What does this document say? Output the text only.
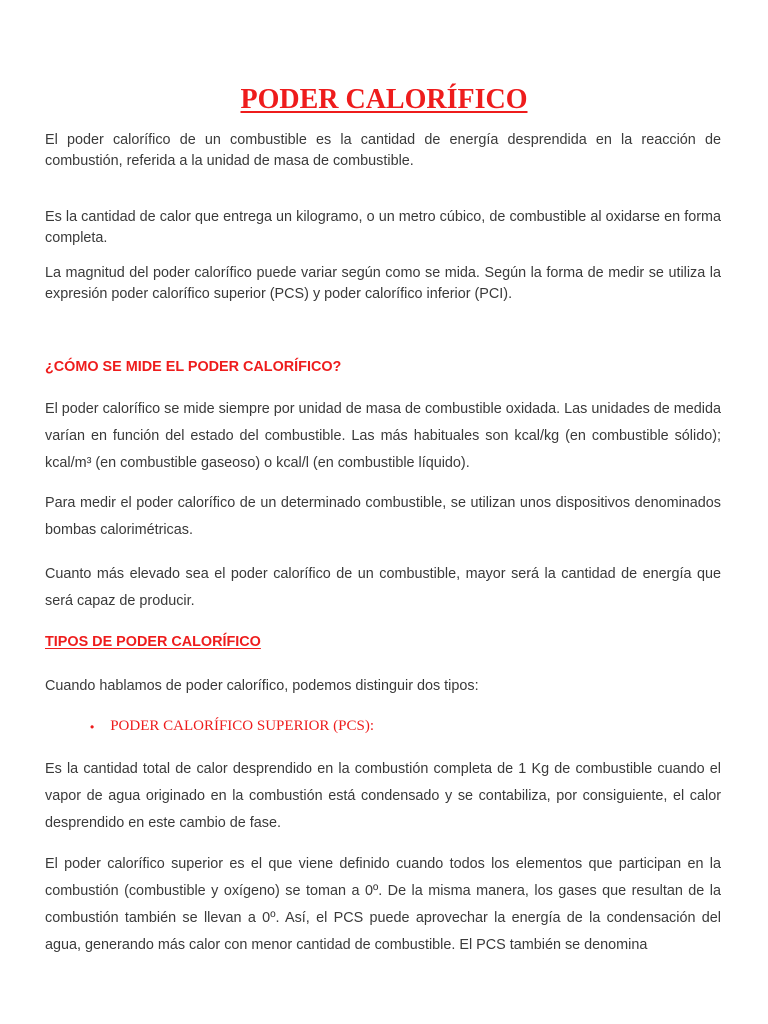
PODER CALORÍFICO

El poder calorífico de un combustible es la cantidad de energía desprendida en la reacción de combustión, referida a la unidad de masa de combustible.

Es la cantidad de calor que entrega un kilogramo, o un metro cúbico, de combustible al oxidarse en forma completa.

La magnitud del poder calorífico puede variar según como se mida. Según la forma de medir se utiliza la expresión poder calorífico superior (PCS) y poder calorífico inferior (PCI).

¿CÓMO SE MIDE EL PODER CALORÍFICO?

El poder calorífico se mide siempre por unidad de masa de combustible oxidada. Las unidades de medida varían en función del estado del combustible. Las más habituales son kcal/kg (en combustible sólido); kcal/m³ (en combustible gaseoso) o kcal/l (en combustible líquido).

Para medir el poder calorífico de un determinado combustible, se utilizan unos dispositivos denominados bombas calorimétricas.

Cuanto más elevado sea el poder calorífico de un combustible, mayor será la cantidad de energía que será capaz de producir.

TIPOS DE PODER CALORÍFICO

Cuando hablamos de poder calorífico, podemos distinguir dos tipos:

• PODER CALORÍFICO SUPERIOR (PCS):

Es la cantidad total de calor desprendido en la combustión completa de 1 Kg de combustible cuando el vapor de agua originado en la combustión está condensado y se contabiliza, por consiguiente, el calor desprendido en este cambio de fase.

El poder calorífico superior es el que viene definido cuando todos los elementos que participan en la combustión (combustible y oxígeno) se toman a 0º. De la misma manera, los gases que resultan de la combustión también se llevan a 0º. Así, el PCS puede aprovechar la energía de la condensación del agua, generando más calor con menor cantidad de combustible. El PCS también se denomina
